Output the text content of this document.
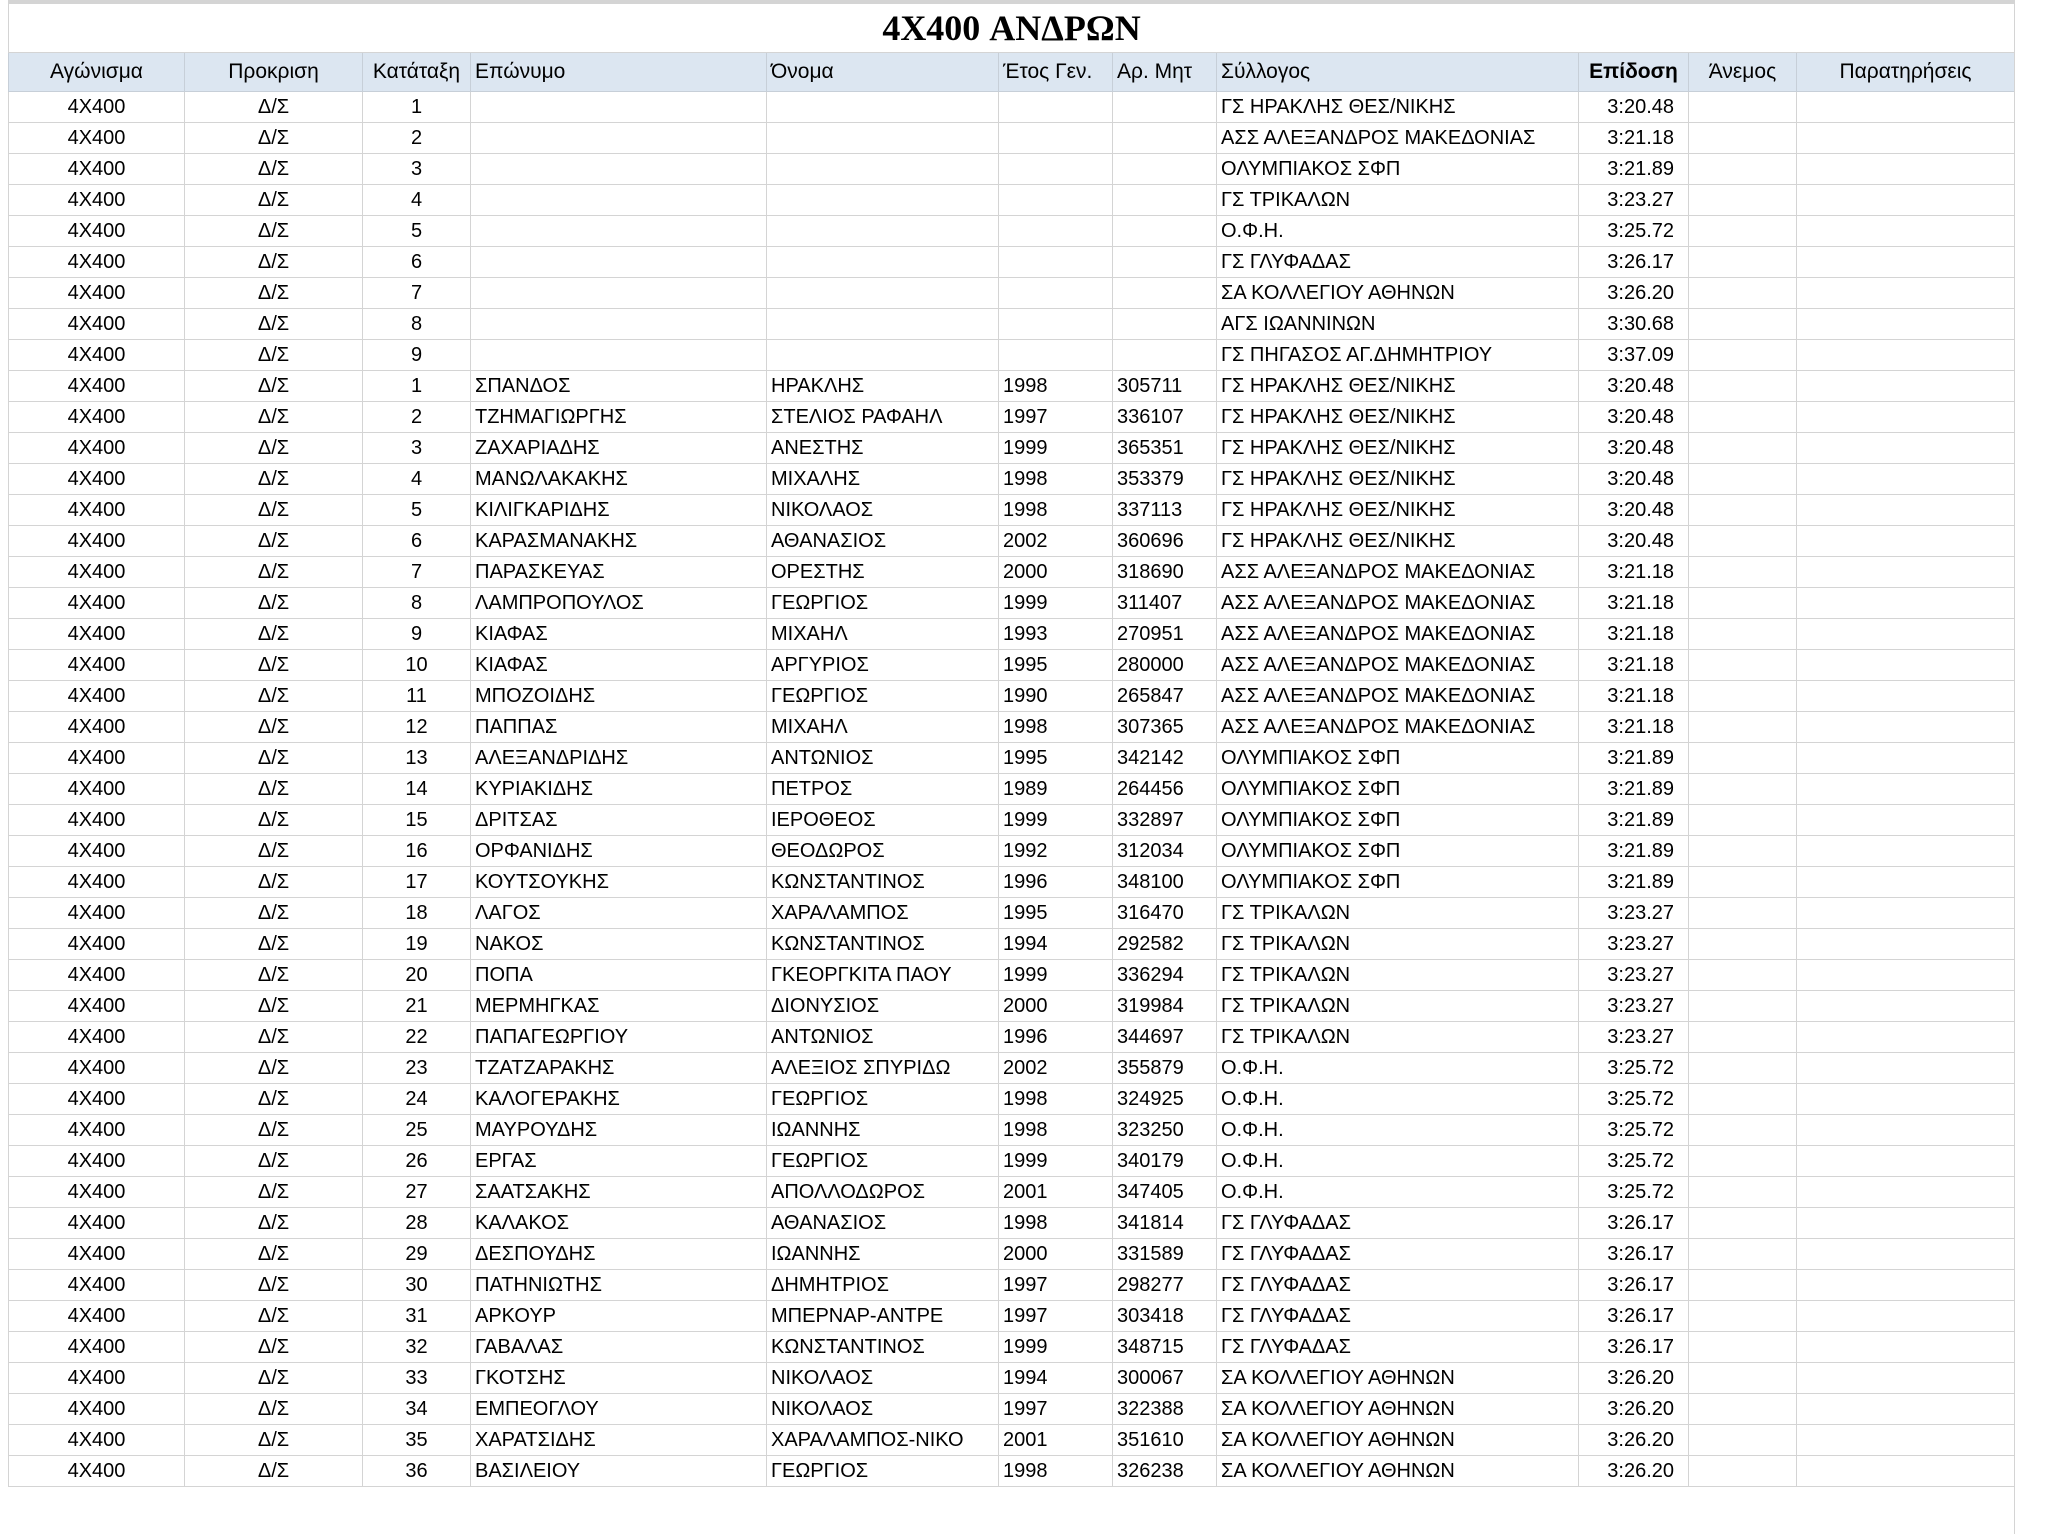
4X400 ΑΝΔΡΩΝ										
Αγώνισμα	Προκριση	Κατάταξη	Επώνυμο	Όνομα	Έτος Γεν.	Αρ. Μητ	Σύλλογος	Επίδοση	Άνεμος	Παρατηρήσεις
4X400	Δ/Σ	1					ΓΣ ΗΡΑΚΛΗΣ ΘΕΣ/ΝΙΚΗΣ	3:20.48		
4X400	Δ/Σ	2					ΑΣΣ ΑΛΕΞΑΝΔΡΟΣ ΜΑΚΕΔΟΝΙΑΣ	3:21.18		
4X400	Δ/Σ	3					ΟΛΥΜΠΙΑΚΟΣ ΣΦΠ	3:21.89		
4X400	Δ/Σ	4					ΓΣ ΤΡΙΚΑΛΩΝ	3:23.27		
4X400	Δ/Σ	5					Ο.Φ.Η.	3:25.72		
4X400	Δ/Σ	6					ΓΣ ΓΛΥΦΑΔΑΣ	3:26.17		
4X400	Δ/Σ	7					ΣΑ ΚΟΛΛΕΓΙΟΥ ΑΘΗΝΩΝ	3:26.20		
4X400	Δ/Σ	8					ΑΓΣ ΙΩΑΝΝΙΝΩΝ	3:30.68		
4X400	Δ/Σ	9					ΓΣ ΠΗΓΑΣΟΣ ΑΓ.ΔΗΜΗΤΡΙΟΥ	3:37.09		
4X400	Δ/Σ	1	ΣΠΑΝΔΟΣ	ΗΡΑΚΛΗΣ	1998	305711	ΓΣ ΗΡΑΚΛΗΣ ΘΕΣ/ΝΙΚΗΣ	3:20.48		
4X400	Δ/Σ	2	ΤΖΗΜΑΓΙΩΡΓΗΣ	ΣΤΕΛΙΟΣ ΡΑΦΑΗΛ	1997	336107	ΓΣ ΗΡΑΚΛΗΣ ΘΕΣ/ΝΙΚΗΣ	3:20.48		
4X400	Δ/Σ	3	ΖΑΧΑΡΙΑΔΗΣ	ΑΝΕΣΤΗΣ	1999	365351	ΓΣ ΗΡΑΚΛΗΣ ΘΕΣ/ΝΙΚΗΣ	3:20.48		
4X400	Δ/Σ	4	ΜΑΝΩΛΑΚΑΚΗΣ	ΜΙΧΑΛΗΣ	1998	353379	ΓΣ ΗΡΑΚΛΗΣ ΘΕΣ/ΝΙΚΗΣ	3:20.48		
4X400	Δ/Σ	5	ΚΙΛΙΓΚΑΡΙΔΗΣ	ΝΙΚΟΛΑΟΣ	1998	337113	ΓΣ ΗΡΑΚΛΗΣ ΘΕΣ/ΝΙΚΗΣ	3:20.48		
4X400	Δ/Σ	6	ΚΑΡΑΣΜΑΝΑΚΗΣ	ΑΘΑΝΑΣΙΟΣ	2002	360696	ΓΣ ΗΡΑΚΛΗΣ ΘΕΣ/ΝΙΚΗΣ	3:20.48		
4X400	Δ/Σ	7	ΠΑΡΑΣΚΕΥΑΣ	ΟΡΕΣΤΗΣ	2000	318690	ΑΣΣ ΑΛΕΞΑΝΔΡΟΣ ΜΑΚΕΔΟΝΙΑΣ	3:21.18		
4X400	Δ/Σ	8	ΛΑΜΠΡΟΠΟΥΛΟΣ	ΓΕΩΡΓΙΟΣ	1999	311407	ΑΣΣ ΑΛΕΞΑΝΔΡΟΣ ΜΑΚΕΔΟΝΙΑΣ	3:21.18		
4X400	Δ/Σ	9	ΚΙΑΦΑΣ	ΜΙΧΑΗΛ	1993	270951	ΑΣΣ ΑΛΕΞΑΝΔΡΟΣ ΜΑΚΕΔΟΝΙΑΣ	3:21.18		
4X400	Δ/Σ	10	ΚΙΑΦΑΣ	ΑΡΓΥΡΙΟΣ	1995	280000	ΑΣΣ ΑΛΕΞΑΝΔΡΟΣ ΜΑΚΕΔΟΝΙΑΣ	3:21.18		
4X400	Δ/Σ	11	ΜΠΟΖΟΙΔΗΣ	ΓΕΩΡΓΙΟΣ	1990	265847	ΑΣΣ ΑΛΕΞΑΝΔΡΟΣ ΜΑΚΕΔΟΝΙΑΣ	3:21.18		
4X400	Δ/Σ	12	ΠΑΠΠΑΣ	ΜΙΧΑΗΛ	1998	307365	ΑΣΣ ΑΛΕΞΑΝΔΡΟΣ ΜΑΚΕΔΟΝΙΑΣ	3:21.18		
4X400	Δ/Σ	13	ΑΛΕΞΑΝΔΡΙΔΗΣ	ΑΝΤΩΝΙΟΣ	1995	342142	ΟΛΥΜΠΙΑΚΟΣ ΣΦΠ	3:21.89		
4X400	Δ/Σ	14	ΚΥΡΙΑΚΙΔΗΣ	ΠΕΤΡΟΣ	1989	264456	ΟΛΥΜΠΙΑΚΟΣ ΣΦΠ	3:21.89		
4X400	Δ/Σ	15	ΔΡΙΤΣΑΣ	ΙΕΡΟΘΕΟΣ	1999	332897	ΟΛΥΜΠΙΑΚΟΣ ΣΦΠ	3:21.89		
4X400	Δ/Σ	16	ΟΡΦΑΝΙΔΗΣ	ΘΕΟΔΩΡΟΣ	1992	312034	ΟΛΥΜΠΙΑΚΟΣ ΣΦΠ	3:21.89		
4X400	Δ/Σ	17	ΚΟΥΤΣΟΥΚΗΣ	ΚΩΝΣΤΑΝΤΙΝΟΣ	1996	348100	ΟΛΥΜΠΙΑΚΟΣ ΣΦΠ	3:21.89		
4X400	Δ/Σ	18	ΛΑΓΟΣ	ΧΑΡΑΛΑΜΠΟΣ	1995	316470	ΓΣ ΤΡΙΚΑΛΩΝ	3:23.27		
4X400	Δ/Σ	19	ΝΑΚΟΣ	ΚΩΝΣΤΑΝΤΙΝΟΣ	1994	292582	ΓΣ ΤΡΙΚΑΛΩΝ	3:23.27		
4X400	Δ/Σ	20	ΠΟΠΑ	ΓΚΕΟΡΓΚΙΤΑ ΠΑΟΥ	1999	336294	ΓΣ ΤΡΙΚΑΛΩΝ	3:23.27		
4X400	Δ/Σ	21	ΜΕΡΜΗΓΚΑΣ	ΔΙΟΝΥΣΙΟΣ	2000	319984	ΓΣ ΤΡΙΚΑΛΩΝ	3:23.27		
4X400	Δ/Σ	22	ΠΑΠΑΓΕΩΡΓΙΟΥ	ΑΝΤΩΝΙΟΣ	1996	344697	ΓΣ ΤΡΙΚΑΛΩΝ	3:23.27		
4X400	Δ/Σ	23	ΤΖΑΤΖΑΡΑΚΗΣ	ΑΛΕΞΙΟΣ ΣΠΥΡΙΔΩ	2002	355879	Ο.Φ.Η.	3:25.72		
4X400	Δ/Σ	24	ΚΑΛΟΓΕΡΑΚΗΣ	ΓΕΩΡΓΙΟΣ	1998	324925	Ο.Φ.Η.	3:25.72		
4X400	Δ/Σ	25	ΜΑΥΡΟΥΔΗΣ	ΙΩΑΝΝΗΣ	1998	323250	Ο.Φ.Η.	3:25.72		
4X400	Δ/Σ	26	ΕΡΓΑΣ	ΓΕΩΡΓΙΟΣ	1999	340179	Ο.Φ.Η.	3:25.72		
4X400	Δ/Σ	27	ΣΑΑΤΣΑΚΗΣ	ΑΠΟΛΛΟΔΩΡΟΣ	2001	347405	Ο.Φ.Η.	3:25.72		
4X400	Δ/Σ	28	ΚΑΛΑΚΟΣ	ΑΘΑΝΑΣΙΟΣ	1998	341814	ΓΣ ΓΛΥΦΑΔΑΣ	3:26.17		
4X400	Δ/Σ	29	ΔΕΣΠΟΥΔΗΣ	ΙΩΑΝΝΗΣ	2000	331589	ΓΣ ΓΛΥΦΑΔΑΣ	3:26.17		
4X400	Δ/Σ	30	ΠΑΤΗΝΙΩΤΗΣ	ΔΗΜΗΤΡΙΟΣ	1997	298277	ΓΣ ΓΛΥΦΑΔΑΣ	3:26.17		
4X400	Δ/Σ	31	ΑΡΚΟΥΡ	ΜΠΕΡΝΑΡ-ΑΝΤΡΕ	1997	303418	ΓΣ ΓΛΥΦΑΔΑΣ	3:26.17		
4X400	Δ/Σ	32	ΓΑΒΑΛΑΣ	ΚΩΝΣΤΑΝΤΙΝΟΣ	1999	348715	ΓΣ ΓΛΥΦΑΔΑΣ	3:26.17		
4X400	Δ/Σ	33	ΓΚΟΤΣΗΣ	ΝΙΚΟΛΑΟΣ	1994	300067	ΣΑ ΚΟΛΛΕΓΙΟΥ ΑΘΗΝΩΝ	3:26.20		
4X400	Δ/Σ	34	ΕΜΠΕΟΓΛΟΥ	ΝΙΚΟΛΑΟΣ	1997	322388	ΣΑ ΚΟΛΛΕΓΙΟΥ ΑΘΗΝΩΝ	3:26.20		
4X400	Δ/Σ	35	ΧΑΡΑΤΣΙΔΗΣ	ΧΑΡΑΛΑΜΠΟΣ-ΝΙΚΟ	2001	351610	ΣΑ ΚΟΛΛΕΓΙΟΥ ΑΘΗΝΩΝ	3:26.20		
4X400	Δ/Σ	36	ΒΑΣΙΛΕΙΟΥ	ΓΕΩΡΓΙΟΣ	1998	326238	ΣΑ ΚΟΛΛΕΓΙΟΥ ΑΘΗΝΩΝ	3:26.20		
